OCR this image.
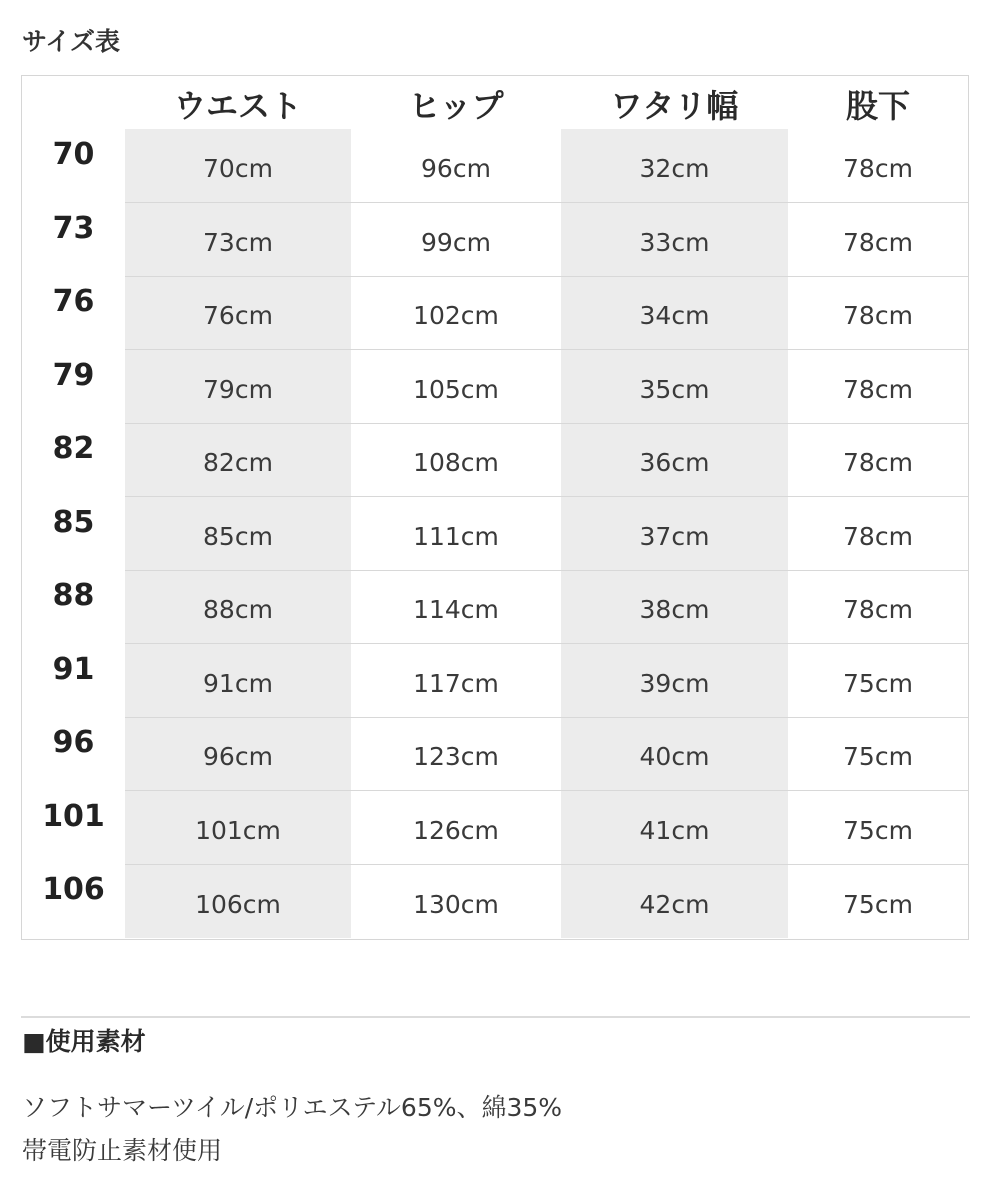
サイズ表
	ウエスト	ヒップ	ワタリ幅	股下
70	70cm	96cm	32cm	78cm
73	73cm	99cm	33cm	78cm
76	76cm	102cm	34cm	78cm
79	79cm	105cm	35cm	78cm
82	82cm	108cm	36cm	78cm
85	85cm	111cm	37cm	78cm
88	88cm	114cm	38cm	78cm
91	91cm	117cm	39cm	75cm
96	96cm	123cm	40cm	75cm
101	101cm	126cm	41cm	75cm
106	106cm	130cm	42cm	75cm
■使用素材

ソフトサマーツイル/ポリエステル65%、綿35%

帯電防止素材使用
